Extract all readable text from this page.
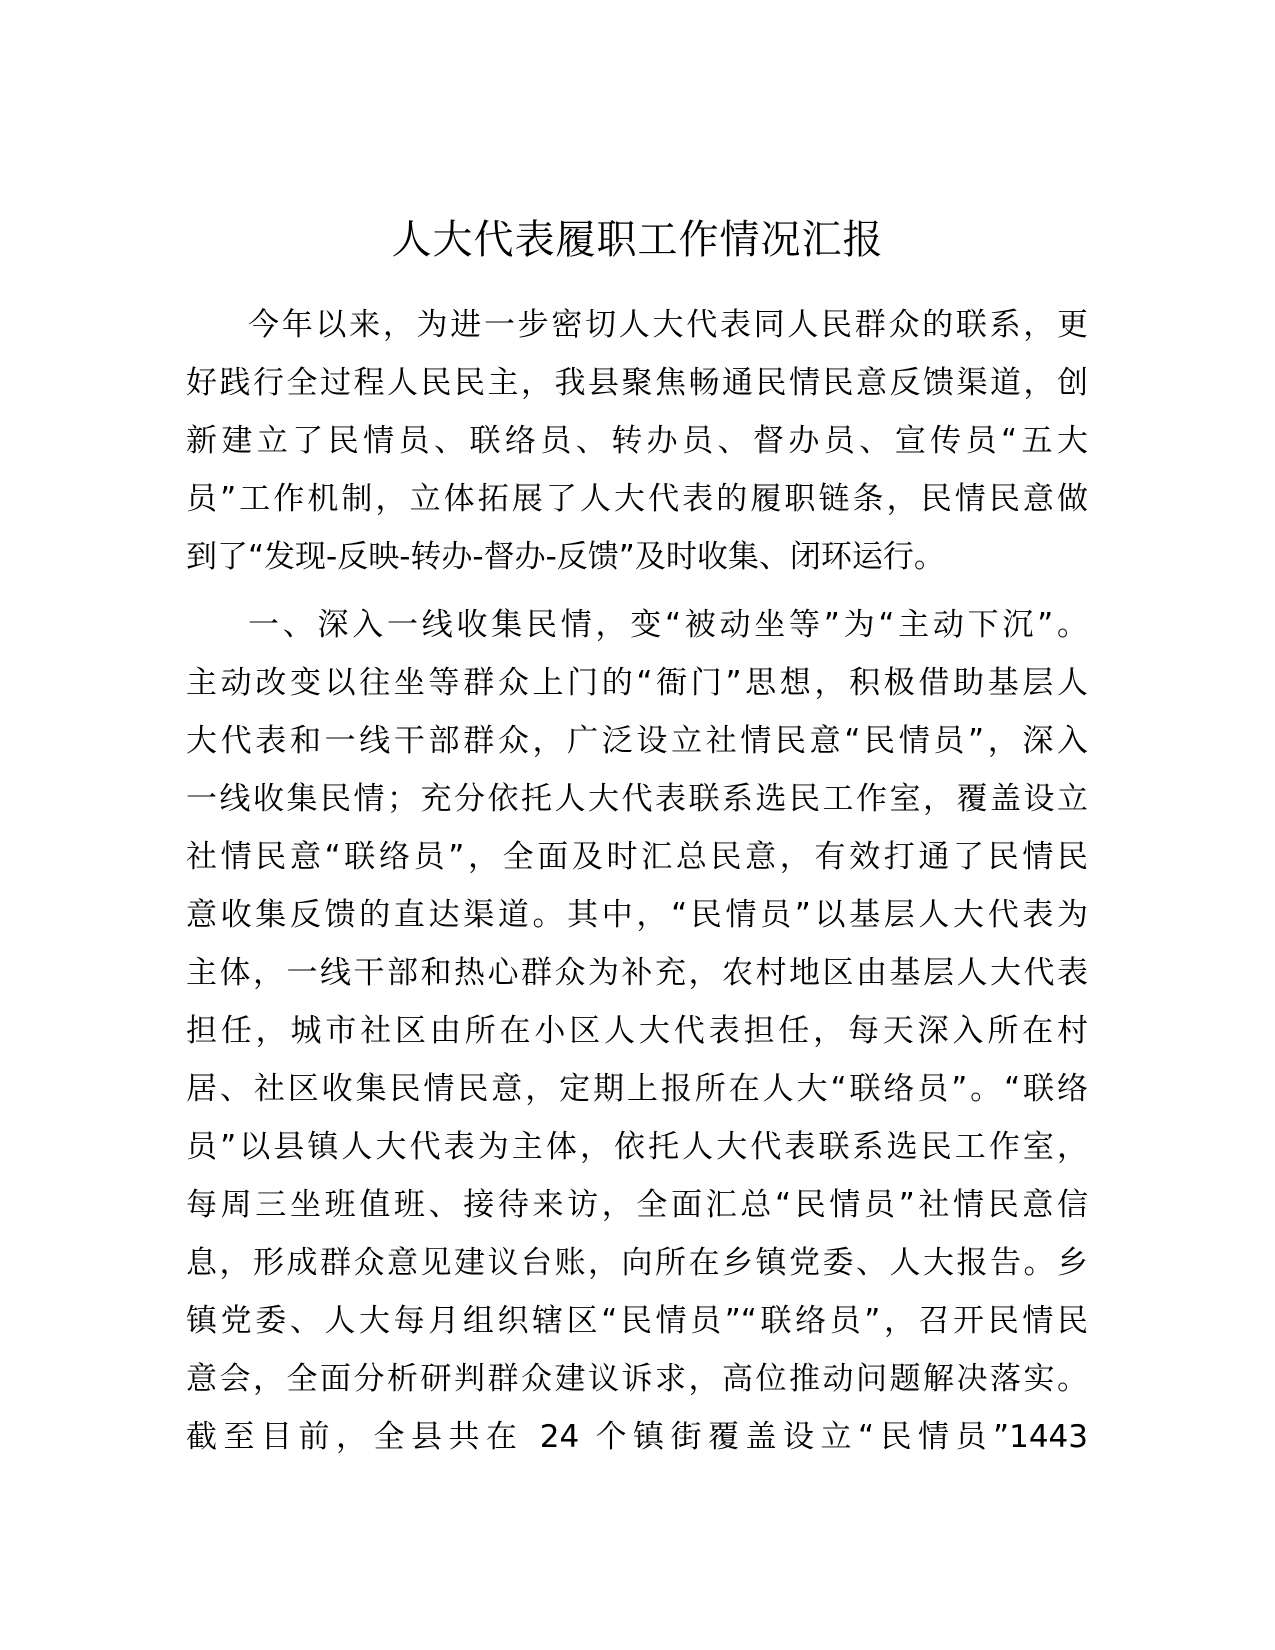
人大代表履职工作情况汇报
今年以来，为进一步密切人大代表同人民群众的联系，更
好践行全过程人民民主，我县聚焦畅通民情民意反馈渠道，创
新建立了民情员、联络员、转办员、督办员、宣传员“五大
员”工作机制，立体拓展了人大代表的履职链条，民情民意做
到了“发现-反映-转办-督办-反馈”及时收集、闭环运行。
一、深入一线收集民情，变“被动坐等”为“主动下沉”。
主动改变以往坐等群众上门的“衙门”思想，积极借助基层人
大代表和一线干部群众，广泛设立社情民意“民情员”，深入
一线收集民情；充分依托人大代表联系选民工作室，覆盖设立
社情民意“联络员”，全面及时汇总民意，有效打通了民情民
意收集反馈的直达渠道。其中，“民情员”以基层人大代表为
主体，一线干部和热心群众为补充，农村地区由基层人大代表
担任，城市社区由所在小区人大代表担任，每天深入所在村
居、社区收集民情民意，定期上报所在人大“联络员”。“联络
员”以县镇人大代表为主体，依托人大代表联系选民工作室，
每周三坐班值班、接待来访，全面汇总“民情员”社情民意信
息，形成群众意见建议台账，向所在乡镇党委、人大报告。乡
镇党委、人大每月组织辖区“民情员”“联络员”，召开民情民
意会，全面分析研判群众建议诉求，高位推动问题解决落实。
截至目前，全县共在 24 个镇街覆盖设立“民情员”1443
